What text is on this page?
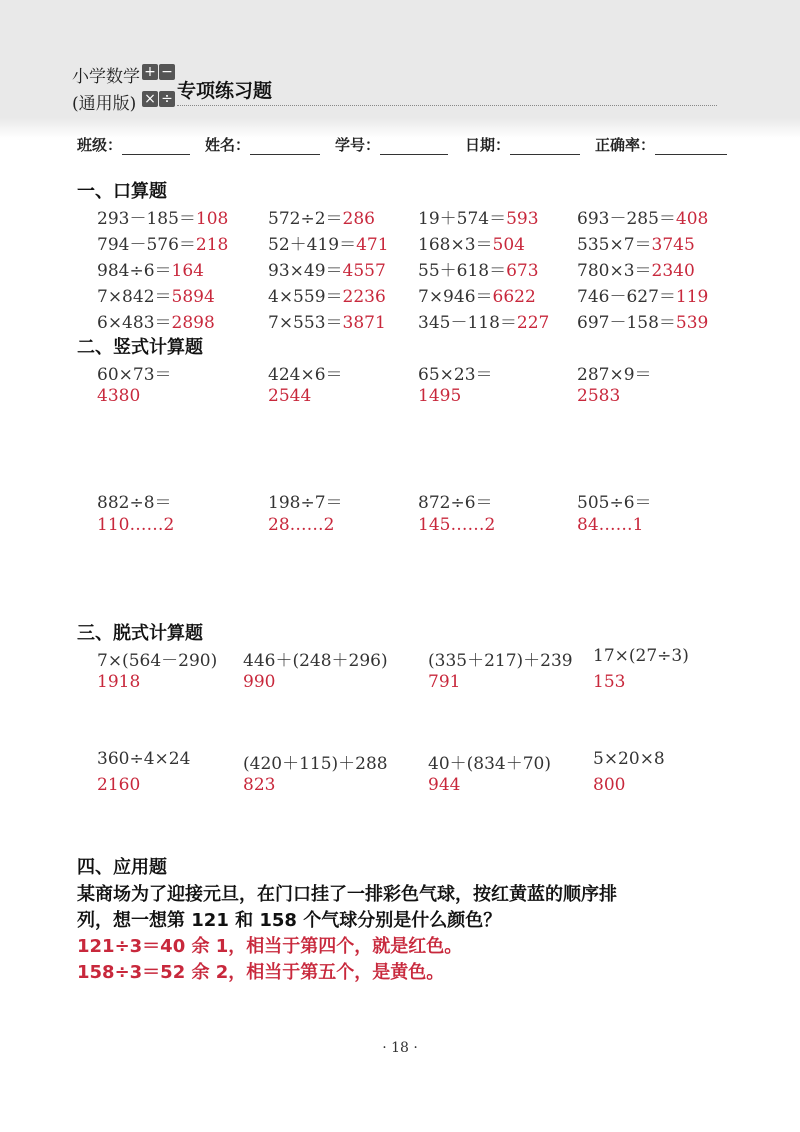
小学数学
(通用版)
+ −
× ÷ 专项练习题
班级：	姓名：	学号：	日期：	正确率：
一、口算题
293－185＝108 572÷2＝286	19＋574＝593 693－285＝408
794－576＝218 52＋419＝471 168×3＝504	535×7＝3745
984÷6＝164	93×49＝4557 55＋618＝673 780×3＝2340
7×842＝5894	4×559＝2236 7×946＝6622 746－627＝119
6×483＝2898	7×553＝3871 345－118＝227 697－158＝539
二、竖式计算题
60×73＝	424×6＝	65×23＝	287×9＝
4380	2544	1495	2583
882÷8＝	198÷7＝	872÷6＝	505÷6＝
110……2	28……2	145……2	84……1
三、脱式计算题
7×(564－290) 446＋(248＋296) (335＋217)＋239 17×(27÷3)
1918	990	791	153
360÷4×24	(420＋115)＋288 40＋(834＋70) 5×20×8
2160	823	944	800
四、应用题
某商场为了迎接元旦，在门口挂了一排彩色气球，按红黄蓝的顺序排
列，想一想第 121 和 158 个气球分别是什么颜色？
121÷3＝40 余 1，相当于第四个，就是红色。
158÷3＝52 余 2，相当于第五个，是黄色。
· 18 ·
